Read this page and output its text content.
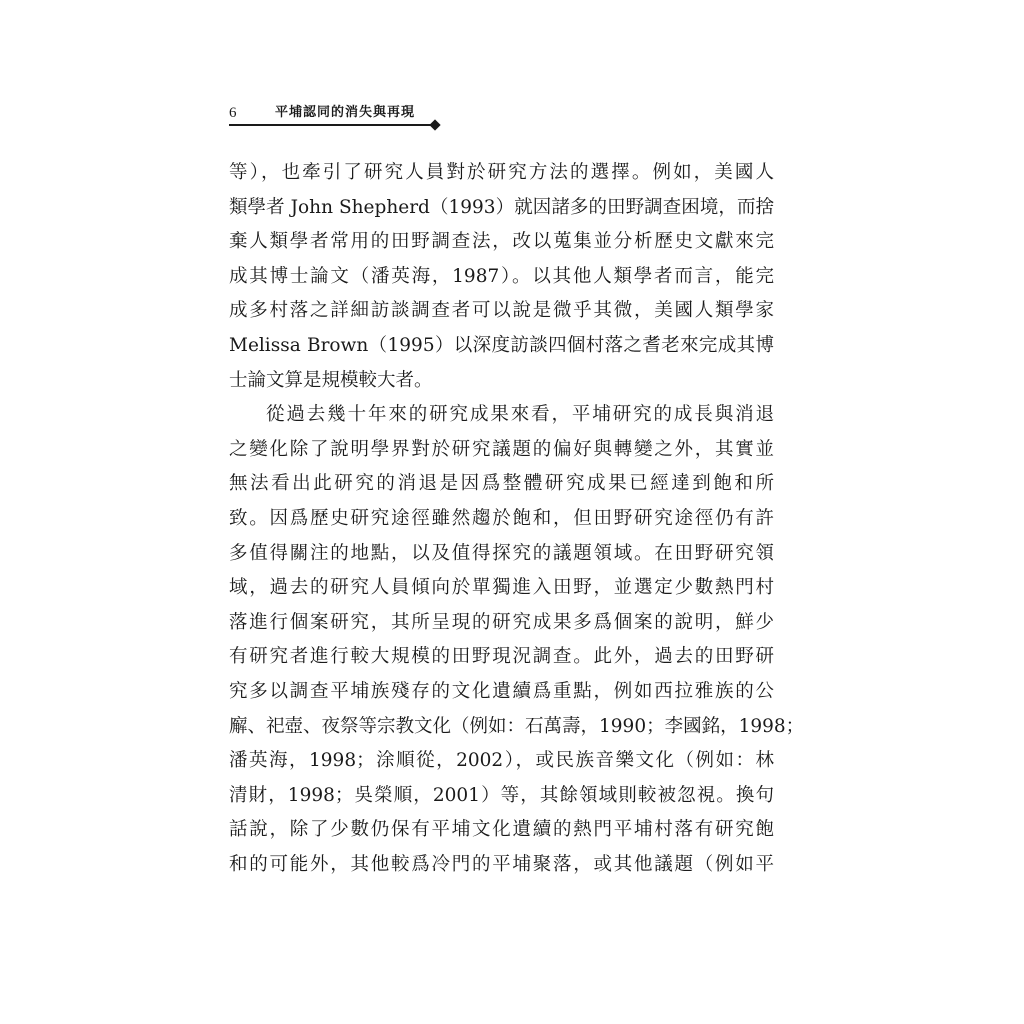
6	平埔認同的消失與再現
等），也牽引了研究人員對於研究方法的選擇。例如，美國人
類學者 John Shepherd（1993）就因諸多的田野調查困境，而捨
棄人類學者常用的田野調查法，改以蒐集並分析歷史文獻來完
成其博士論文（潘英海，1987）。以其他人類學者而言，能完
成多村落之詳細訪談調查者可以說是微乎其微，美國人類學家
Melissa Brown（1995）以深度訪談四個村落之耆老來完成其博
士論文算是規模較大者。
從過去幾十年來的研究成果來看，平埔研究的成長與消退
之變化除了說明學界對於研究議題的偏好與轉變之外，其實並
無法看出此研究的消退是因爲整體研究成果已經達到飽和所
致。因爲歷史研究途徑雖然趨於飽和，但田野研究途徑仍有許
多值得關注的地點，以及值得探究的議題領域。在田野研究領
域，過去的研究人員傾向於單獨進入田野，並選定少數熱門村
落進行個案研究，其所呈現的研究成果多爲個案的說明，鮮少
有研究者進行較大規模的田野現況調查。此外，過去的田野研
究多以調查平埔族殘存的文化遺續爲重點，例如西拉雅族的公
廨、祀壺、夜祭等宗教文化（例如：石萬壽，1990；李國銘，1998；
潘英海，1998；涂順從，2002），或民族音樂文化（例如：林
清財，1998；吳榮順，2001）等，其餘領域則較被忽視。換句
話說，除了少數仍保有平埔文化遺續的熱門平埔村落有研究飽
和的可能外，其他較爲冷門的平埔聚落，或其他議題（例如平
